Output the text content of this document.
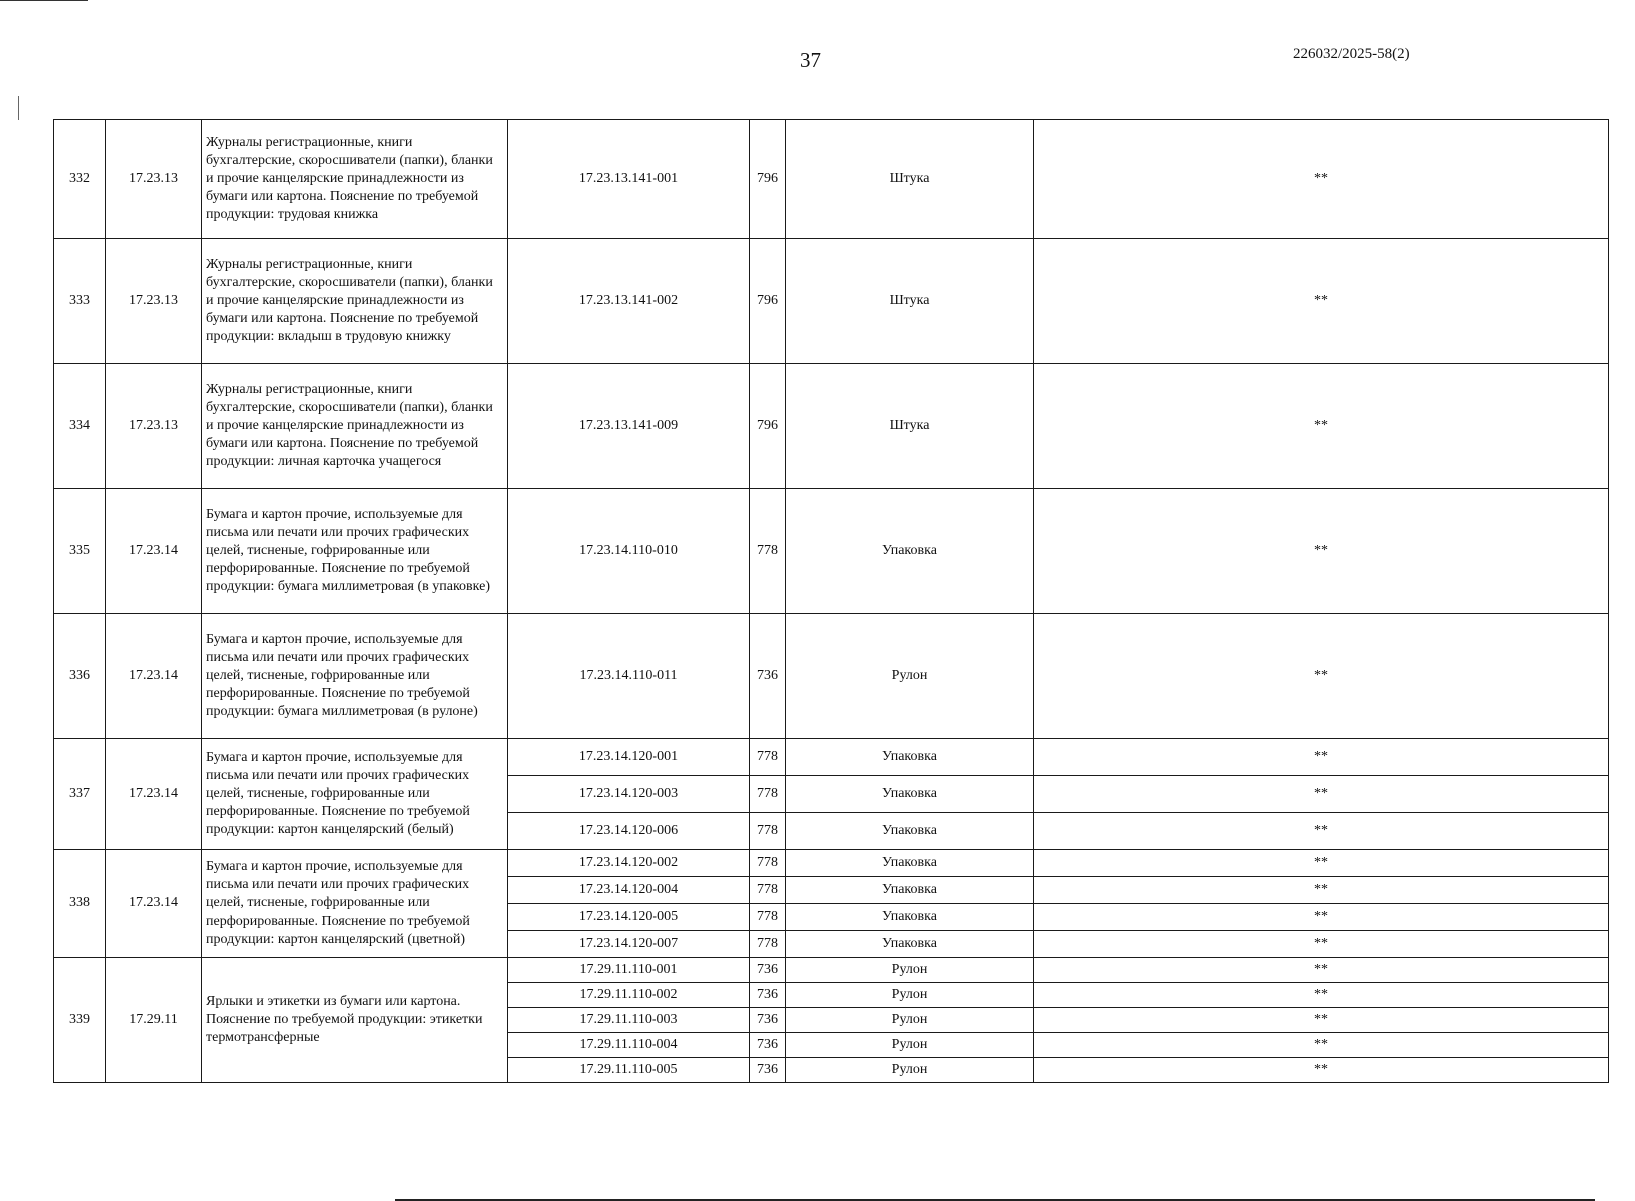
37	226032/2025-58(2)
332	17.23.13	Журналы регистрационные, книги бухгалтерские, скоросшиватели (папки), бланки и прочие канцелярские принадлежности из бумаги или картона. Пояснение по требуемой продукции: трудовая книжка	17.23.13.141-001	796	Штука	**
333	17.23.13	Журналы регистрационные, книги бухгалтерские, скоросшиватели (папки), бланки и прочие канцелярские принадлежности из бумаги или картона. Пояснение по требуемой продукции: вкладыш в трудовую книжку	17.23.13.141-002	796	Штука	**
334	17.23.13	Журналы регистрационные, книги бухгалтерские, скоросшиватели (папки), бланки и прочие канцелярские принадлежности из бумаги или картона. Пояснение по требуемой продукции: личная карточка учащегося	17.23.13.141-009	796	Штука	**
335	17.23.14	Бумага и картон прочие, используемые для письма или печати или прочих графических целей, тисненые, гофрированные или перфорированные. Пояснение по требуемой продукции: бумага миллиметровая (в упаковке)	17.23.14.110-010	778	Упаковка	**
336	17.23.14	Бумага и картон прочие, используемые для письма или печати или прочих графических целей, тисненые, гофрированные или перфорированные. Пояснение по требуемой продукции: бумага миллиметровая (в рулоне)	17.23.14.110-011	736	Рулон	**
337	17.23.14	Бумага и картон прочие, используемые для письма или печати или прочих графических целей, тисненые, гофрированные или перфорированные. Пояснение по требуемой продукции: картон канцелярский (белый)	17.23.14.120-001	778	Упаковка	**
			17.23.14.120-003	778	Упаковка	**
			17.23.14.120-006	778	Упаковка	**
338	17.23.14	Бумага и картон прочие, используемые для письма или печати или прочих графических целей, тисненые, гофрированные или перфорированные. Пояснение по требуемой продукции: картон канцелярский (цветной)	17.23.14.120-002	778	Упаковка	**
			17.23.14.120-004	778	Упаковка	**
			17.23.14.120-005	778	Упаковка	**
			17.23.14.120-007	778	Упаковка	**
339	17.29.11	Ярлыки и этикетки из бумаги или картона. Пояснение по требуемой продукции: этикетки термотрансферные	17.29.11.110-001	736	Рулон	**
			17.29.11.110-002	736	Рулон	**
			17.29.11.110-003	736	Рулон	**
			17.29.11.110-004	736	Рулон	**
			17.29.11.110-005	736	Рулон	**
